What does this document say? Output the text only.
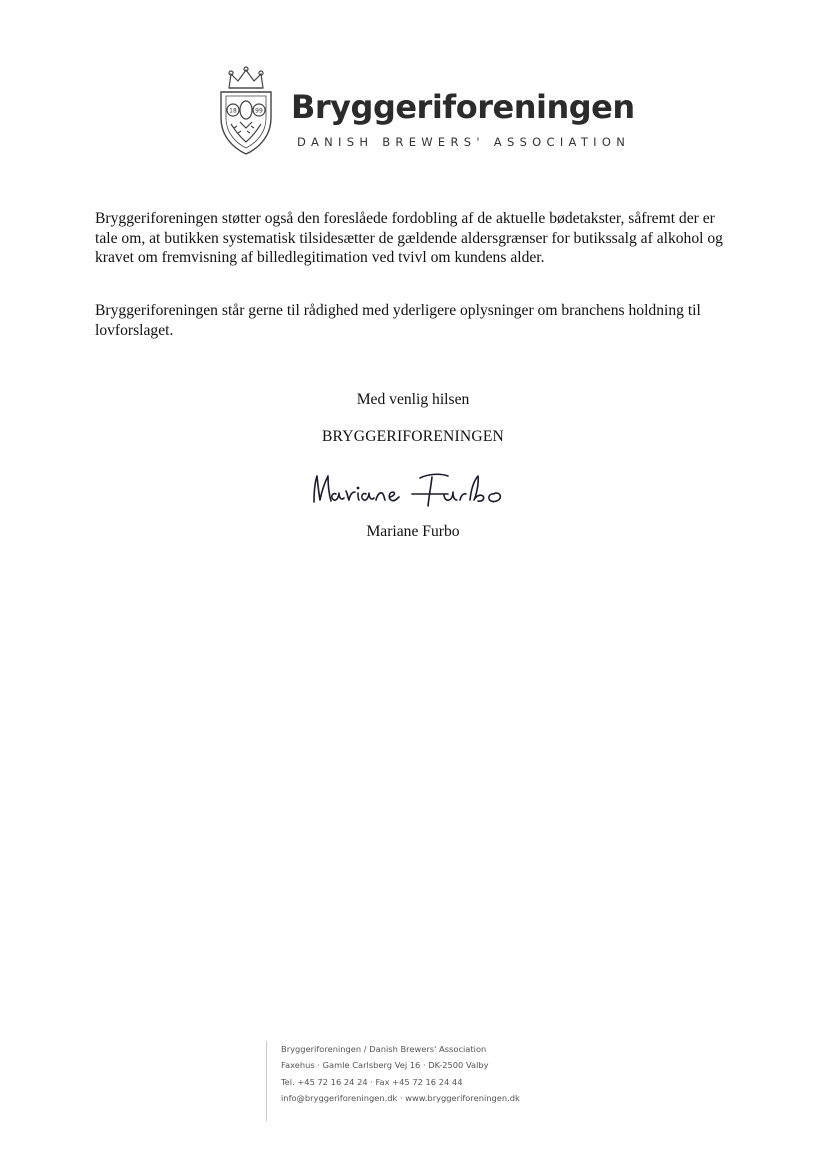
18	99 Bryggeriforeningen
DANISH BREWERS' ASSOCIATION

Bryggeriforeningen støtter også den foreslåede fordobling af de aktuelle bødetakster, såfremt der er tale om, at butikken systematisk tilsidesætter de gældende aldersgrænser for butikssalg af alkohol og kravet om fremvisning af billedlegitimation ved tvivl om kundens alder.

Bryggeriforeningen står gerne til rådighed med yderligere oplysninger om branchens holdning til lovforslaget.

Med venlig hilsen
BRYGGERIFORENINGEN
Mariane Furbo
Bryggeriforeningen / Danish Brewers' Association
Faxehus · Gamle Carlsberg Vej 16 · DK-2500 Valby
Tel. +45 72 16 24 24 · Fax +45 72 16 24 44
info@bryggeriforeningen.dk · www.bryggeriforeningen.dk
